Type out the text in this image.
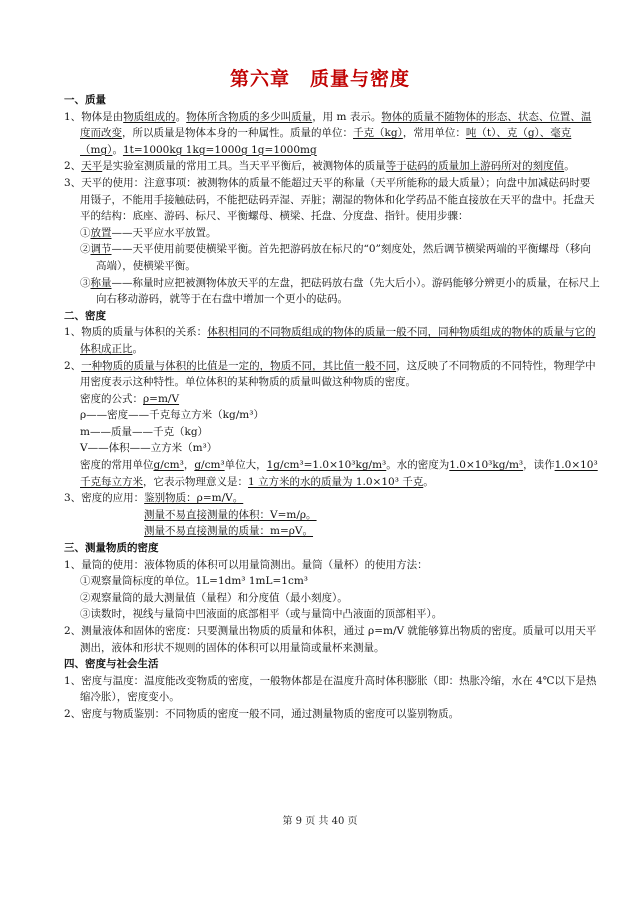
第六章　质量与密度
一、质量
1、物体是由物质组成的。物体所含物质的多少叫质量，用 m 表示。物体的质量不随物体的形态、状态、位置、温度而改变，所以质量是物体本身的一种属性。质量的单位：千克（kg），常用单位：吨（t）、克（g）、毫克（mg）。1t=1000kg 1kg=1000g 1g=1000mg
2、天平是实验室测质量的常用工具。当天平平衡后，被测物体的质量等于砝码的质量加上游码所对的刻度值。
3、天平的使用：注意事项：被测物体的质量不能超过天平的称量（天平所能称的最大质量）；向盘中加减砝码时要用镊子，不能用手接触砝码，不能把砝码弄湿、弄脏；潮湿的物体和化学药品不能直接放在天平的盘中。托盘天平的结构：底座、游码、标尺、平衡螺母、横梁、托盘、分度盘、指针。使用步骤：
①放置——天平应水平放置。
②调节——天平使用前要使横梁平衡。首先把游码放在标尺的“0”刻度处，然后调节横梁两端的平衡螺母（移向高端），使横梁平衡。
③称量——称量时应把被测物体放天平的左盘，把砝码放右盘（先大后小）。游码能够分辨更小的质量，在标尺上向右移动游码，就等于在右盘中增加一个更小的砝码。
二、密度
1、物质的质量与体积的关系：体积相同的不同物质组成的物体的质量一般不同，同种物质组成的物体的质量与它的体积成正比。
2、一种物质的质量与体积的比值是一定的，物质不同，其比值一般不同，这反映了不同物质的不同特性，物理学中用密度表示这种特性。单位体积的某种物质的质量叫做这种物质的密度。
密度的公式：ρ=m/V
ρ——密度——千克每立方米（kg/m³）
m——质量——千克（kg）
V——体积——立方米（m³）
密度的常用单位g/cm³，g/cm³单位大，1g/cm³=1.0×10³kg/m³。水的密度为1.0×10³kg/m³，读作1.0×10³千克每立方米，它表示物理意义是：1 立方米的水的质量为 1.0×10³ 千克。
3、密度的应用：鉴别物质：ρ=m/V。
测量不易直接测量的体积：V=m/ρ。
测量不易直接测量的质量：m=ρV。
三、测量物质的密度
1、量筒的使用：液体物质的体积可以用量筒测出。量筒（量杯）的使用方法：
①观察量筒标度的单位。1L=1dm³ 1mL=1cm³
②观察量筒的最大测量值（量程）和分度值（最小刻度）。
③读数时，视线与量筒中凹液面的底部相平（或与量筒中凸液面的顶部相平）。
2、测量液体和固体的密度：只要测量出物质的质量和体积，通过 ρ=m/V 就能够算出物质的密度。质量可以用天平测出，液体和形状不规则的固体的体积可以用量筒或量杯来测量。
四、密度与社会生活
1、密度与温度：温度能改变物质的密度，一般物体都是在温度升高时体积膨胀（即：热胀冷缩，水在 4℃以下是热缩冷胀），密度变小。
2、密度与物质鉴别：不同物质的密度一般不同，通过测量物质的密度可以鉴别物质。
第 9 页 共 40 页
